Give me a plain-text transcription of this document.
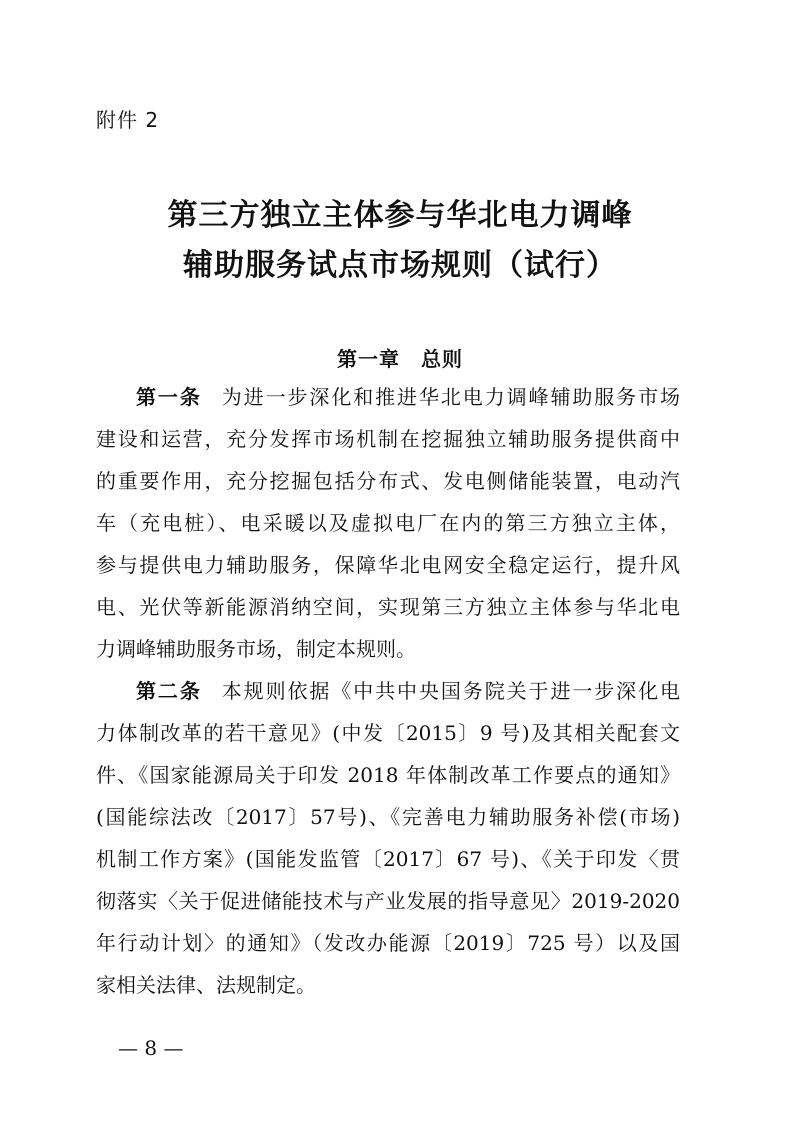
附件 2
第三方独立主体参与华北电力调峰
辅助服务试点市场规则（试行）
第一章　总则
第一条 为进一步深化和推进华北电力调峰辅助服务市场
建设和运营，充分发挥市场机制在挖掘独立辅助服务提供商中
的重要作用，充分挖掘包括分布式、发电侧储能装置，电动汽
车（充电桩）、电采暖以及虚拟电厂在内的第三方独立主体，
参与提供电力辅助服务，保障华北电网安全稳定运行，提升风
电、光伏等新能源消纳空间，实现第三方独立主体参与华北电
力调峰辅助服务市场，制定本规则。
第二条 本规则依据《中共中央国务院关于进一步深化电
力体制改革的若干意见》(中发〔2015〕9 号)及其相关配套文
件、《国家能源局关于印发 2018 年体制改革工作要点的通知》
(国能综法改〔2017〕57号)、《完善电力辅助服务补偿(市场)
机制工作方案》(国能发监管〔2017〕67 号)、《关于印发〈贯
彻落实〈关于促进储能技术与产业发展的指导意见〉2019-2020
年行动计划〉的通知》（发改办能源〔2019〕725 号）以及国
家相关法律、法规制定。
— 8 —
